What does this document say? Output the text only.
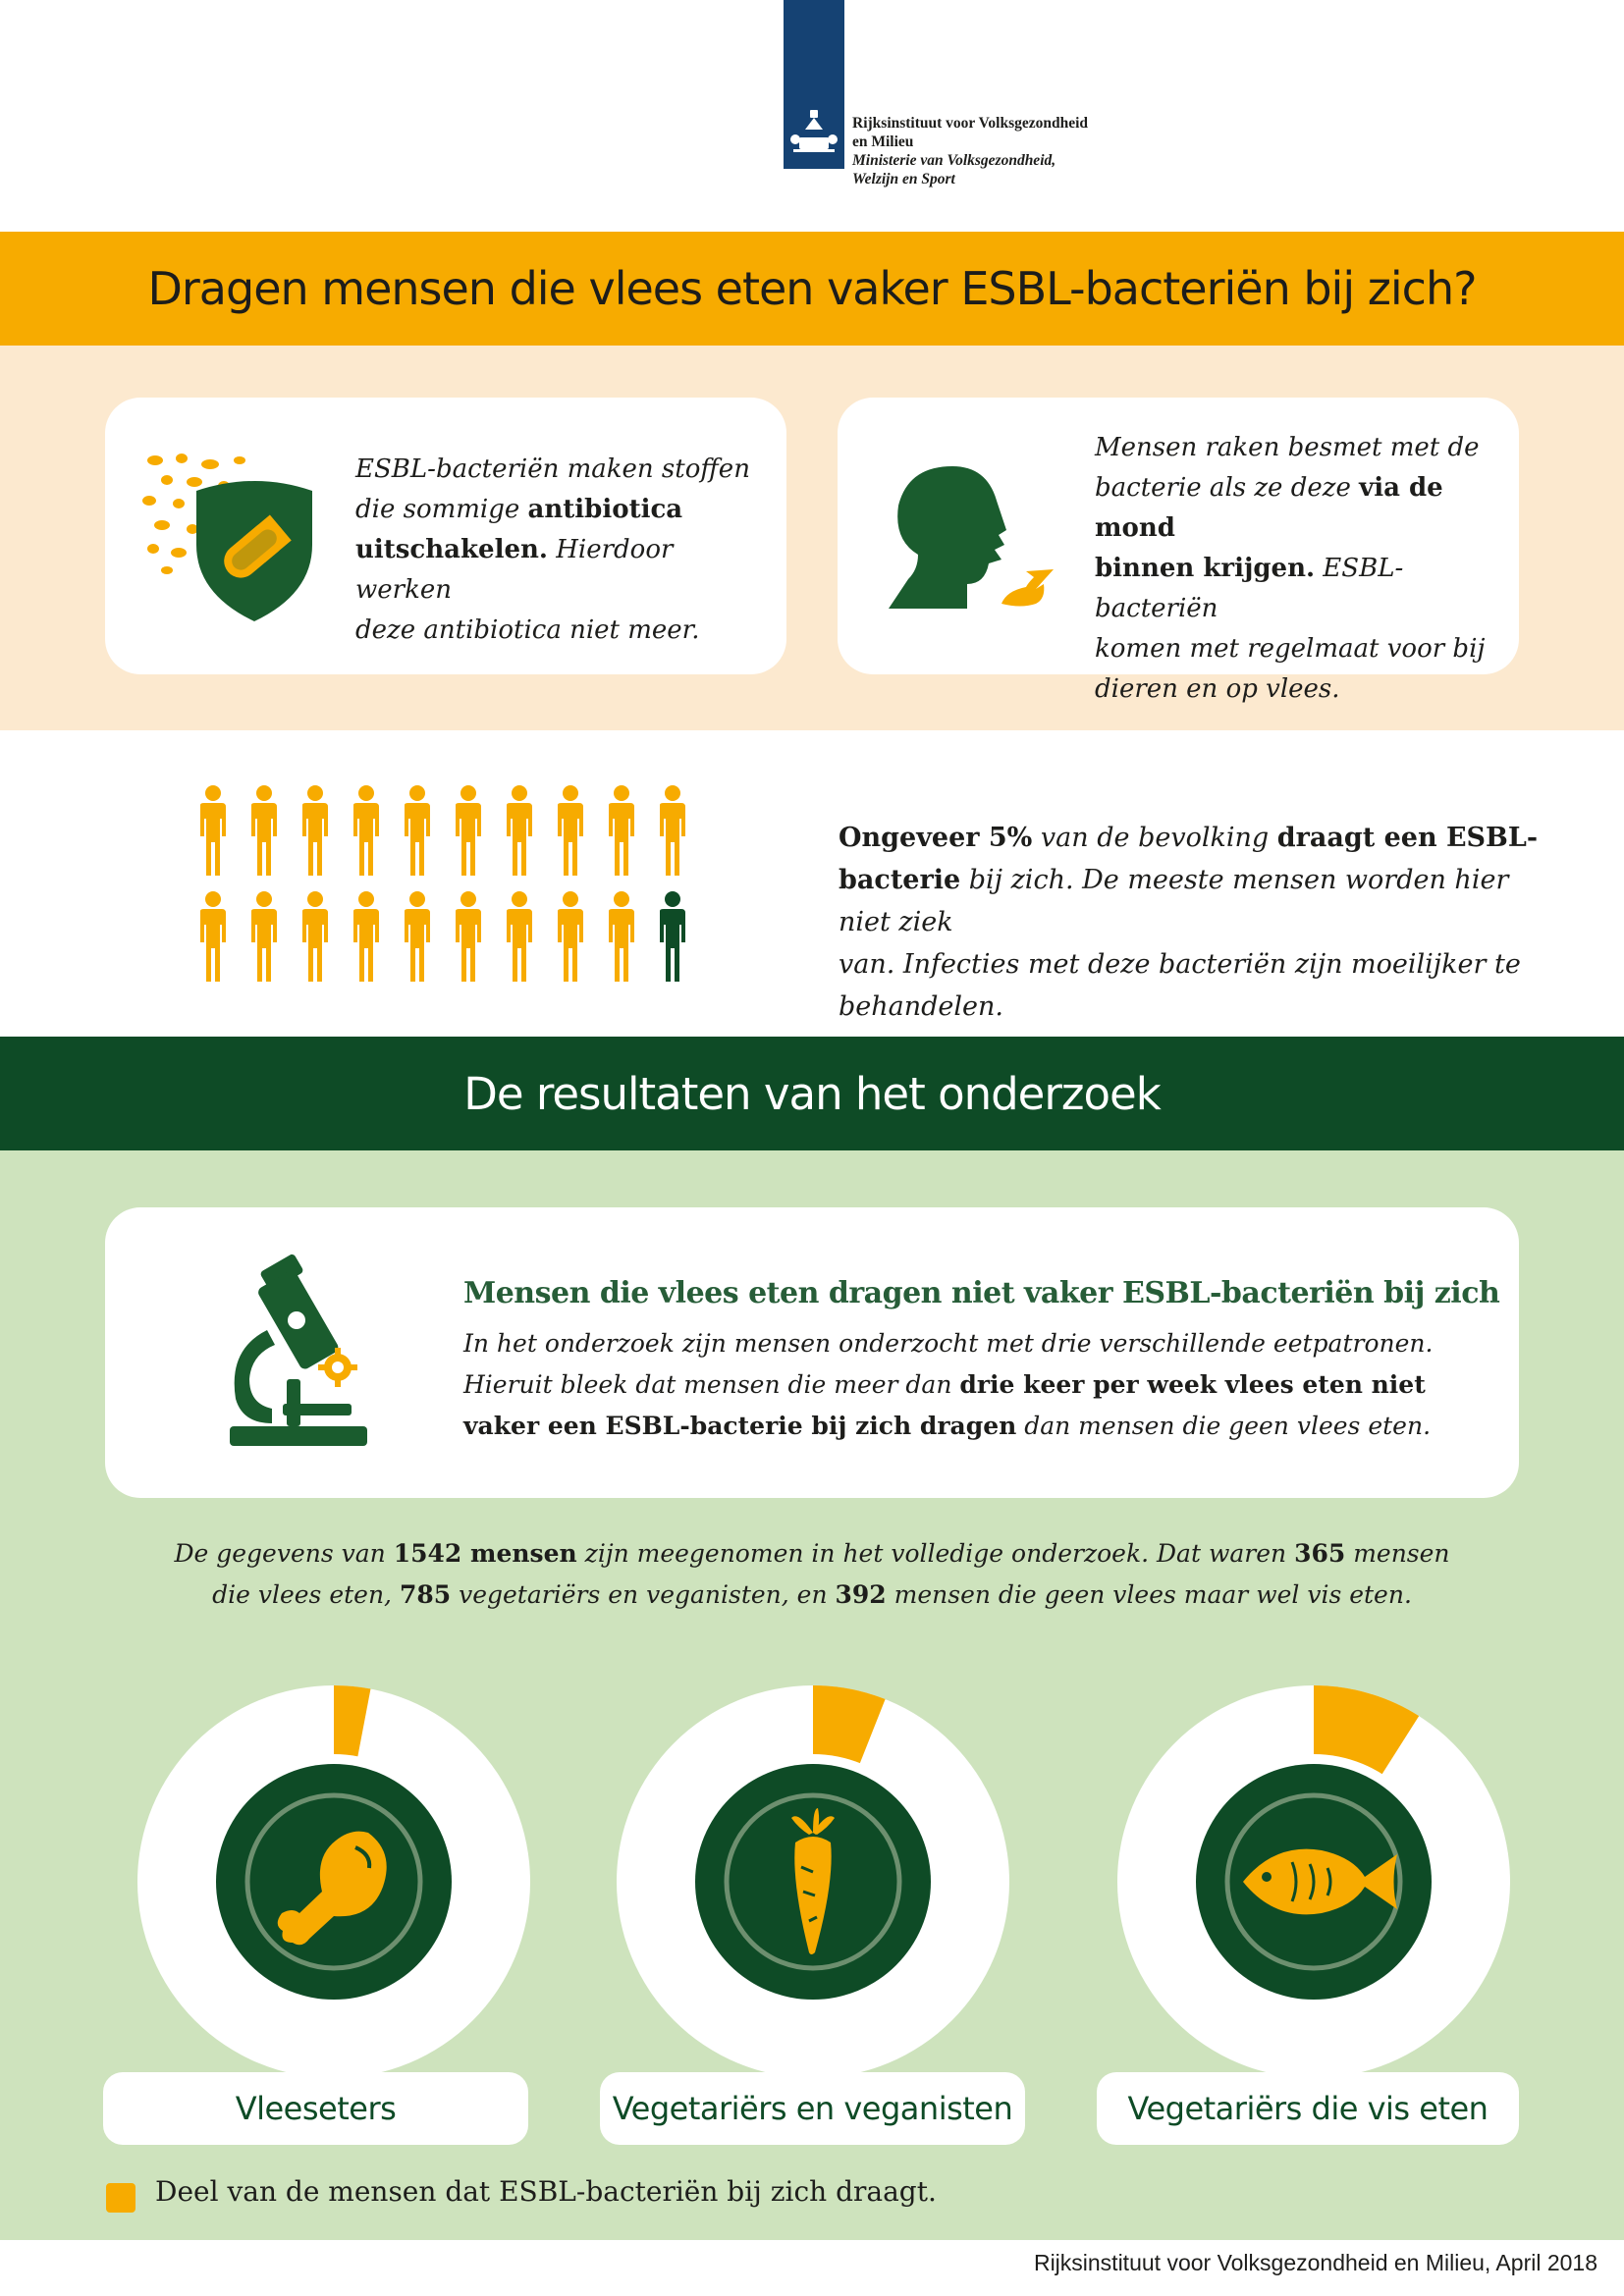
Rijksinstituut voor Volksgezondheid
en Milieu
Ministerie van Volksgezondheid,
Welzijn en Sport
Dragen mensen die vlees eten vaker ESBL-bacteriën bij zich?
ESBL-bacteriën maken stoffen
die sommige antibiotica
uitschakelen. Hierdoor werken
deze antibiotica niet meer.
Mensen raken besmet met de
bacterie als ze deze via de mond
binnen krijgen. ESBL-bacteriën
komen met regelmaat voor bij
dieren en op vlees.
Ongeveer 5% van de bevolking draagt een ESBL-
bacterie bij zich. De meeste mensen worden hier niet ziek
van. Infecties met deze bacteriën zijn moeilijker te behandelen.
De resultaten van het onderzoek
Mensen die vlees eten dragen niet vaker ESBL-bacteriën bij zich
In het onderzoek zijn mensen onderzocht met drie verschillende eetpatronen.
Hieruit bleek dat mensen die meer dan drie keer per week vlees eten niet
vaker een ESBL-bacterie bij zich dragen dan mensen die geen vlees eten.
De gegevens van 1542 mensen zijn meegenomen in het volledige onderzoek. Dat waren 365 mensen
die vlees eten, 785 vegetariërs en veganisten, en 392 mensen die geen vlees maar wel vis eten.
Vleeseters	Vegetariërs en veganisten	Vegetariërs die vis eten
Deel van de mensen dat ESBL-bacteriën bij zich draagt.
Rijksinstituut voor Volksgezondheid en Milieu, April 2018
